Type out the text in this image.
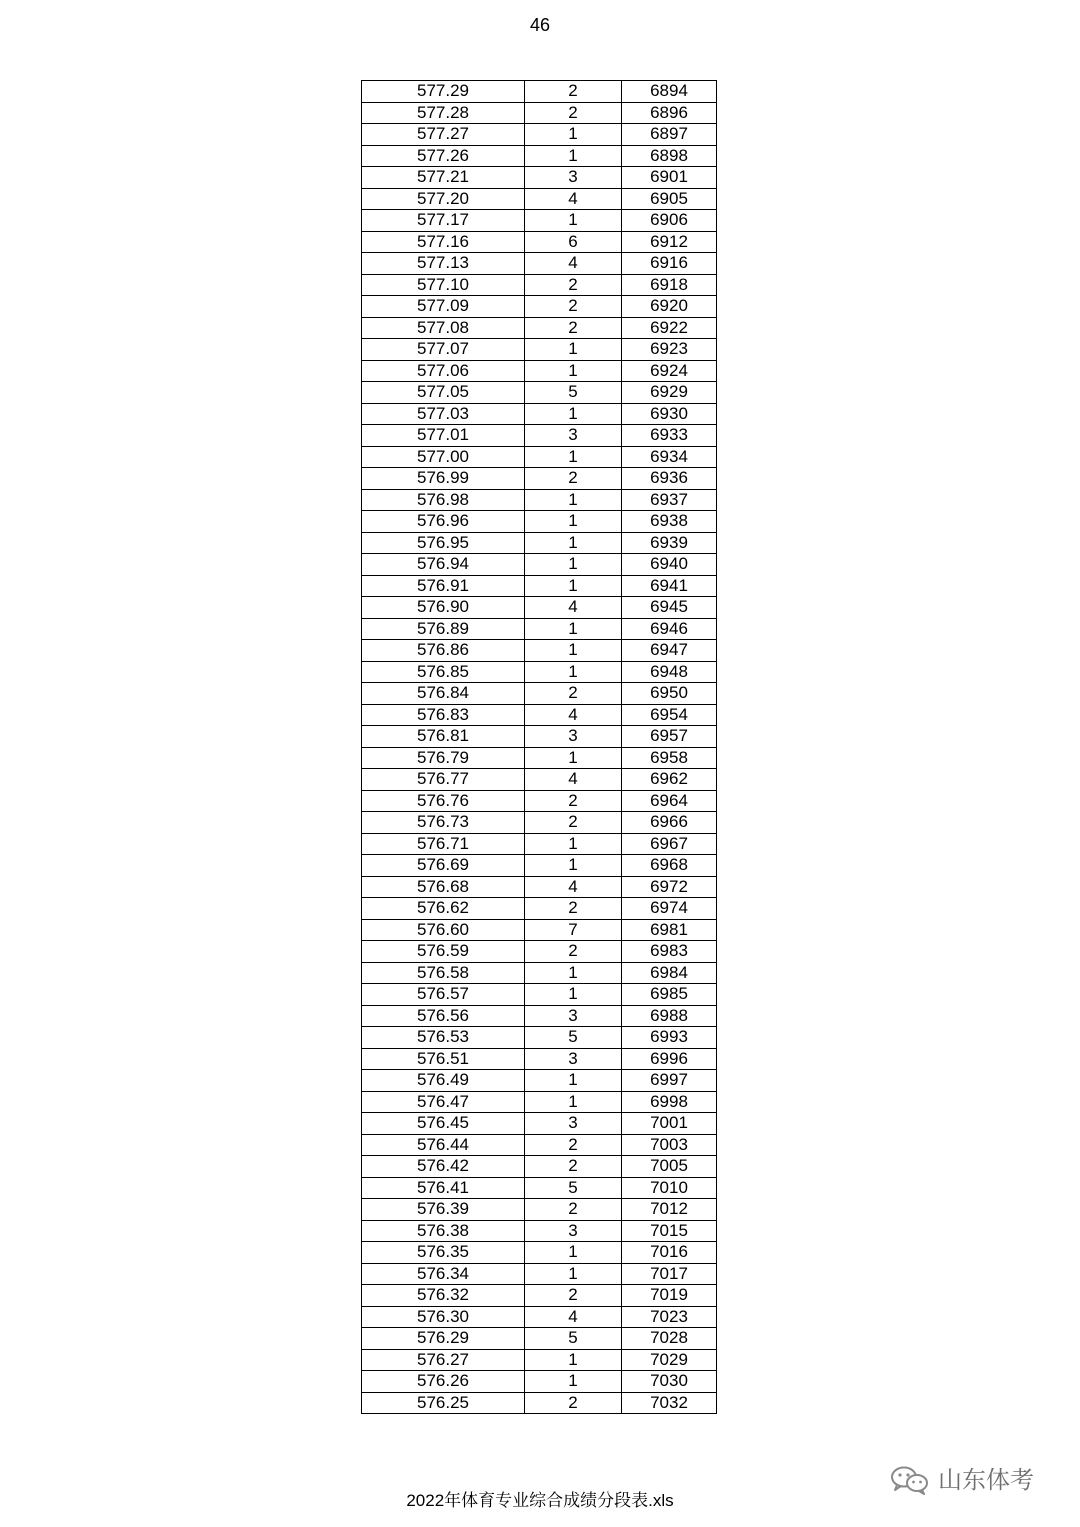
46
577.29	2	6894
577.28	2	6896
577.27	1	6897
577.26	1	6898
577.21	3	6901
577.20	4	6905
577.17	1	6906
577.16	6	6912
577.13	4	6916
577.10	2	6918
577.09	2	6920
577.08	2	6922
577.07	1	6923
577.06	1	6924
577.05	5	6929
577.03	1	6930
577.01	3	6933
577.00	1	6934
576.99	2	6936
576.98	1	6937
576.96	1	6938
576.95	1	6939
576.94	1	6940
576.91	1	6941
576.90	4	6945
576.89	1	6946
576.86	1	6947
576.85	1	6948
576.84	2	6950
576.83	4	6954
576.81	3	6957
576.79	1	6958
576.77	4	6962
576.76	2	6964
576.73	2	6966
576.71	1	6967
576.69	1	6968
576.68	4	6972
576.62	2	6974
576.60	7	6981
576.59	2	6983
576.58	1	6984
576.57	1	6985
576.56	3	6988
576.53	5	6993
576.51	3	6996
576.49	1	6997
576.47	1	6998
576.45	3	7001
576.44	2	7003
576.42	2	7005
576.41	5	7010
576.39	2	7012
576.38	3	7015
576.35	1	7016
576.34	1	7017
576.32	2	7019
576.30	4	7023
576.29	5	7028
576.27	1	7029
576.26	1	7030
576.25	2	7032
山东体考
2022年体育专业综合成绩分段表.xls
